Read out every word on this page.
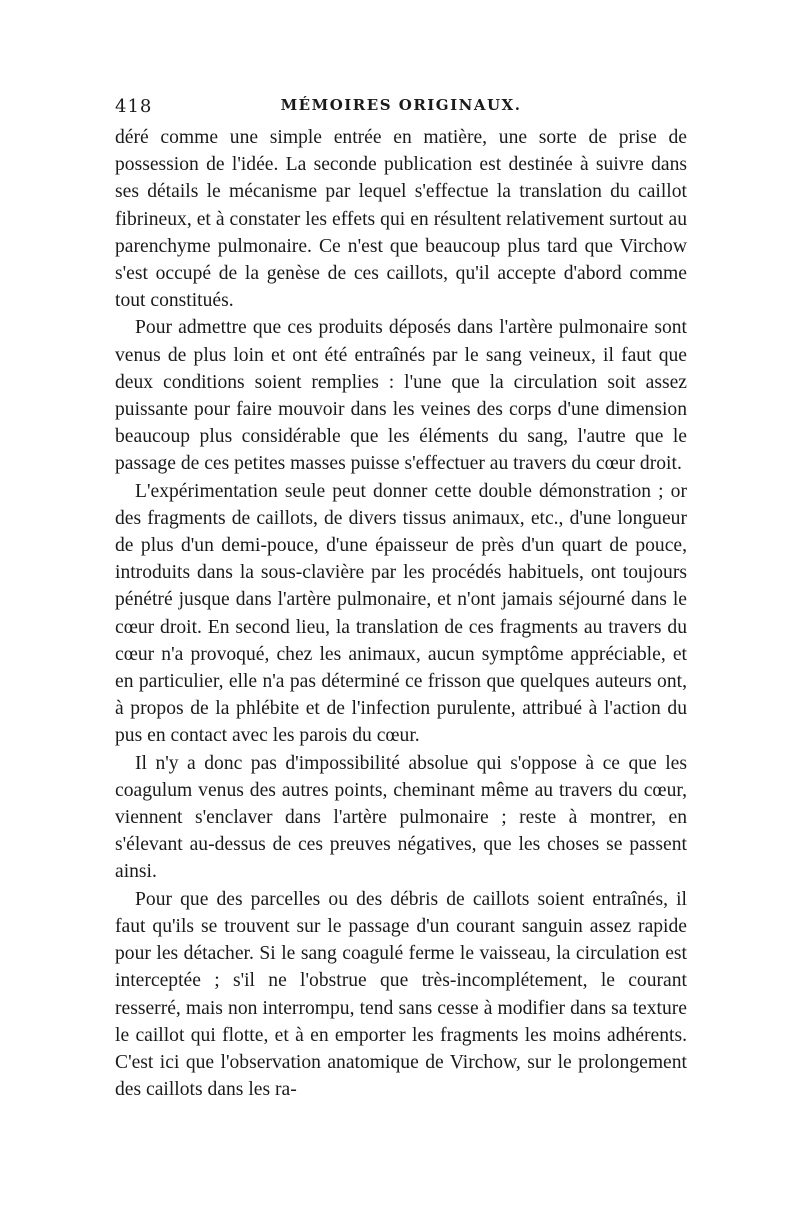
418	MÉMOIRES ORIGINAUX.

déré comme une simple entrée en matière, une sorte de prise de possession de l'idée. La seconde publication est destinée à suivre dans ses détails le mécanisme par lequel s'effectue la translation du caillot fibrineux, et à constater les effets qui en résultent relativement surtout au parenchyme pulmonaire. Ce n'est que beaucoup plus tard que Virchow s'est occupé de la genèse de ces caillots, qu'il accepte d'abord comme tout constitués.

Pour admettre que ces produits déposés dans l'artère pulmonaire sont venus de plus loin et ont été entraînés par le sang veineux, il faut que deux conditions soient remplies : l'une que la circulation soit assez puissante pour faire mouvoir dans les veines des corps d'une dimension beaucoup plus considérable que les éléments du sang, l'autre que le passage de ces petites masses puisse s'effectuer au travers du cœur droit.

L'expérimentation seule peut donner cette double démonstration ; or des fragments de caillots, de divers tissus animaux, etc., d'une longueur de plus d'un demi-pouce, d'une épaisseur de près d'un quart de pouce, introduits dans la sous-clavière par les procédés habituels, ont toujours pénétré jusque dans l'artère pulmonaire, et n'ont jamais séjourné dans le cœur droit. En second lieu, la translation de ces fragments au travers du cœur n'a provoqué, chez les animaux, aucun symptôme appréciable, et en particulier, elle n'a pas déterminé ce frisson que quelques auteurs ont, à propos de la phlébite et de l'infection purulente, attribué à l'action du pus en contact avec les parois du cœur.

Il n'y a donc pas d'impossibilité absolue qui s'oppose à ce que les coagulum venus des autres points, cheminant même au travers du cœur, viennent s'enclaver dans l'artère pulmonaire ; reste à montrer, en s'élevant au-dessus de ces preuves négatives, que les choses se passent ainsi.

Pour que des parcelles ou des débris de caillots soient entraînés, il faut qu'ils se trouvent sur le passage d'un courant sanguin assez rapide pour les détacher. Si le sang coagulé ferme le vaisseau, la circulation est interceptée ; s'il ne l'obstrue que très-incomplétement, le courant resserré, mais non interrompu, tend sans cesse à modifier dans sa texture le caillot qui flotte, et à en emporter les fragments les moins adhérents. C'est ici que l'observation anatomique de Virchow, sur le prolongement des caillots dans les ra-
